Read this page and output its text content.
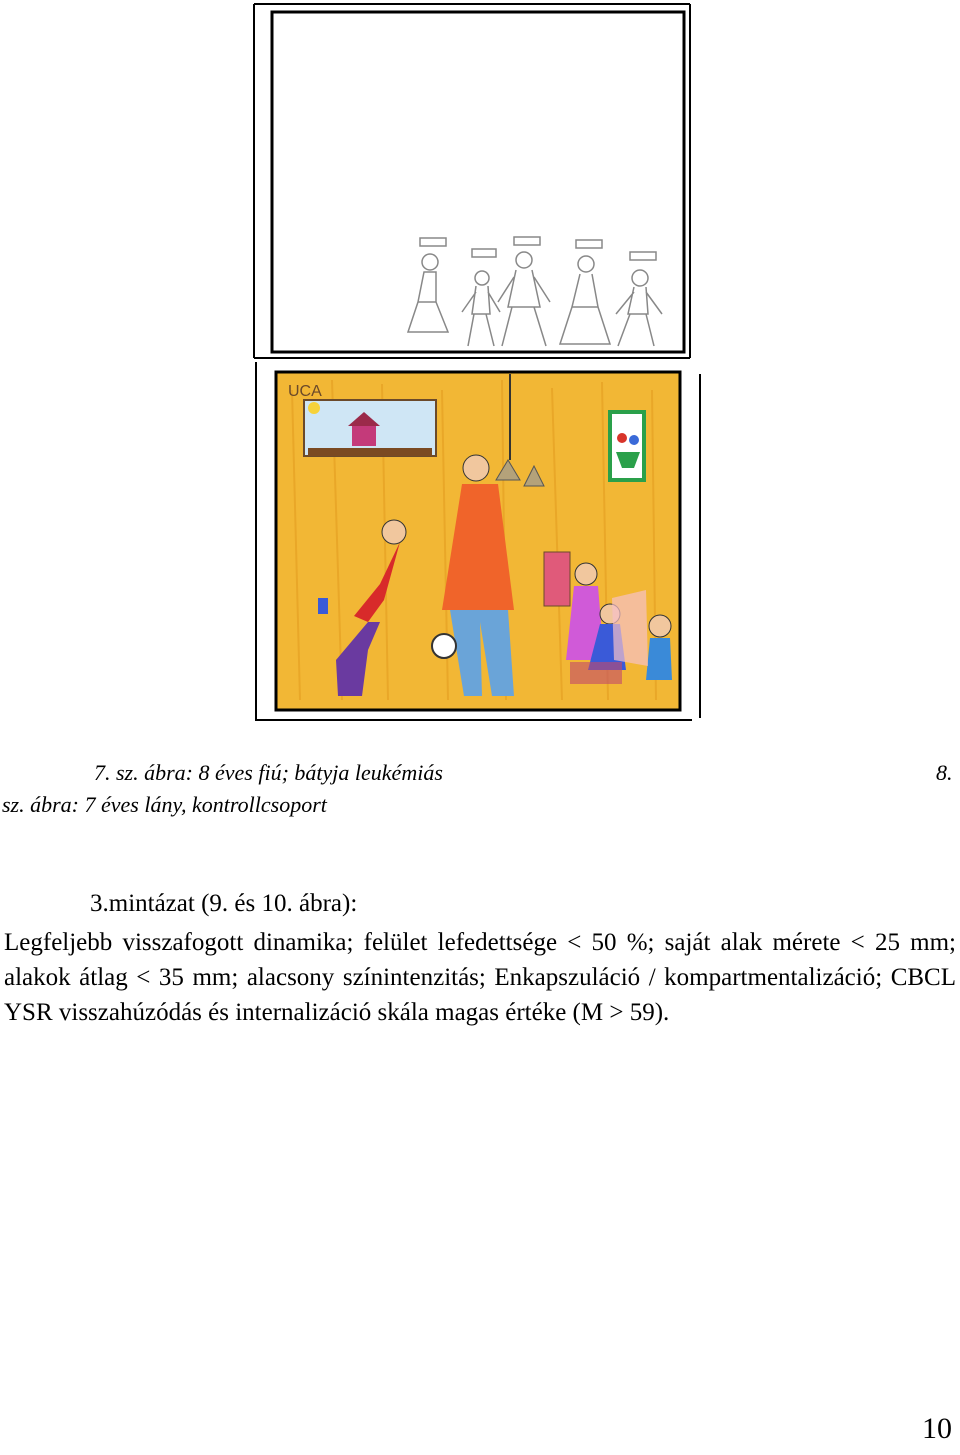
UCA
7. sz. ábra: 8 éves fiú; bátyja leukémiás	8.
sz. ábra: 7 éves lány, kontrollcsoport
3.mintázat (9. és 10. ábra):
Legfeljebb visszafogott dinamika; felület lefedettsége < 50 %; saját alak mérete < 25 mm; alakok átlag < 35 mm; alacsony színintenzitás; Enkapszuláció / kompartmentalizáció; CBCL YSR visszahúzódás és internalizáció skála magas értéke (M > 59).
10
